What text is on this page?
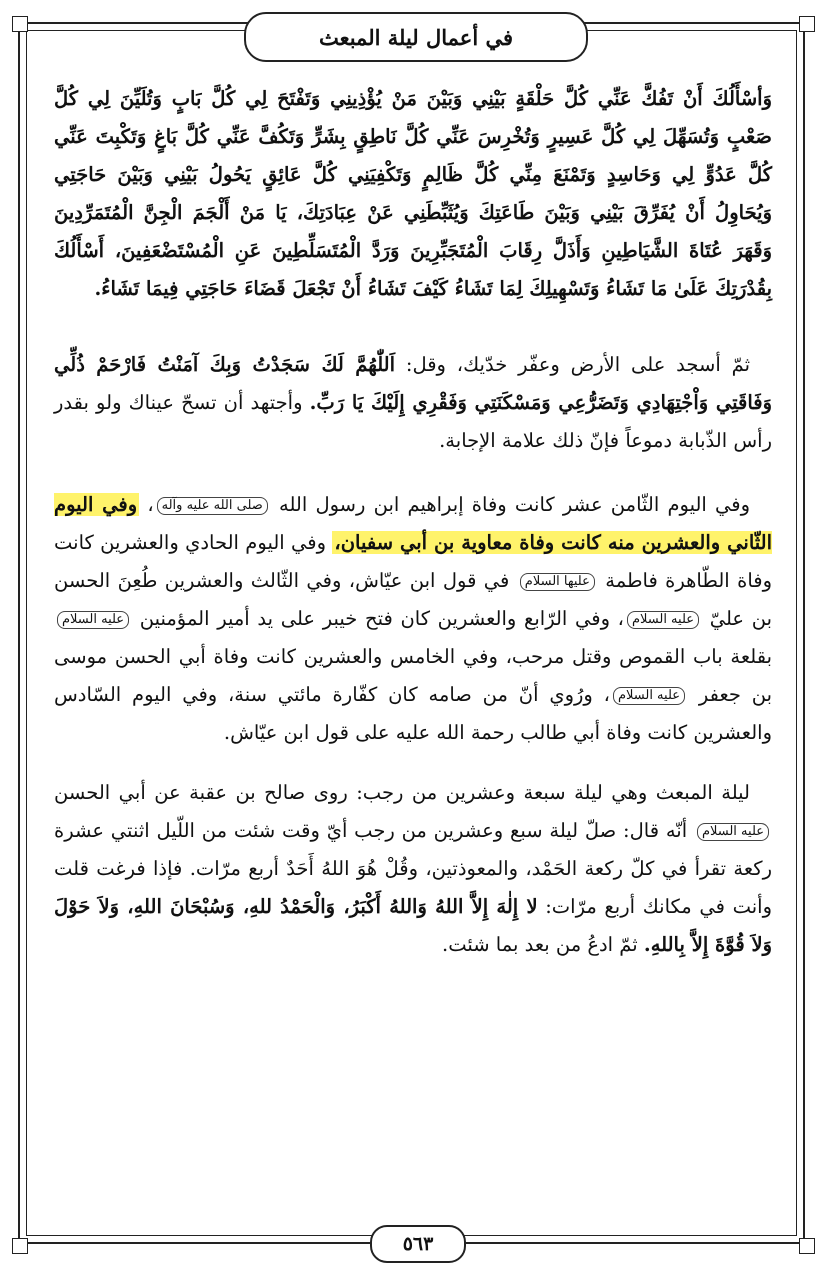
في أعمال ليلة المبعث

وَأسْأَلُكَ أَنْ تَفُكَّ عَنِّي كُلَّ حَلْقَةٍ بَيْنِي وَبَيْنَ مَنْ يُؤْذِينِي وَتَفْتَحَ لِي كُلَّ بَابٍ وَتُلَيِّنَ لِي كُلَّ صَعْبٍ وَتُسَهِّلَ لِي كُلَّ عَسِيرٍ وَتُخْرِسَ عَنِّي كُلَّ نَاطِقٍ بِشَرٍّ وَتَكُفَّ عَنِّي كُلَّ بَاغٍ وَتَكْبِتَ عَنِّي كُلَّ عَدُوٍّ لِي وَحَاسِدٍ وَتَمْنَعَ مِنِّي كُلَّ ظَالِمٍ وَتَكْفِيَنِي كُلَّ عَائِقٍ يَحُولُ بَيْنِي وَبَيْنَ حَاجَتِي وَيُحَاوِلُ أَنْ يُفَرِّقَ بَيْنِي وَبَيْنَ طَاعَتِكَ وَيُثَبِّطَنِي عَنْ عِبَادَتِكَ، يَا مَنْ أَلْجَمَ الْجِنَّ الْمُتَمَرِّدِينَ وَقَهَرَ عُتَاةَ الشَّيَاطِينِ وَأَذَلَّ رِقَابَ الْمُتَجَبِّرِينَ وَرَدَّ الْمُتَسَلِّطِينَ عَنِ الْمُسْتَضْعَفِينَ، أَسْأَلُكَ بِقُدْرَتِكَ عَلَىٰ مَا تَشَاءُ وَتَسْهِيلِكَ لِمَا تَشَاءُ كَيْفَ تَشَاءُ أَنْ تَجْعَلَ قَضَاءَ حَاجَتِي فِيمَا تَشَاءُ.

ثمّ أسجد على الأرض وعفّر خدّيك، وقل: اَللّٰهُمَّ لَكَ سَجَدْتُ وَبِكَ آمَنْتُ فَارْحَمْ ذُلِّي وَفَاقَتِي وَاْجْتِهَادِي وَتَضَرُّعِي وَمَسْكَنَتِي وَفَقْرِي إِلَيْكَ يَا رَبِّ. وأجتهد أن تسحّ عيناك ولو بقدر رأس الذّبابة دموعاً فإنّ ذلك علامة الإجابة.

وفي اليوم الثّامن عشر كانت وفاة إبراهيم ابن رسول الله صلى الله عليه وآله، وفي اليوم الثّاني والعشرين منه كانت وفاة معاوية بن أبي سفيان، وفي اليوم الحادي والعشرين كانت وفاة الطّاهرة فاطمة عليها السلام في قول ابن عيّاش، وفي الثّالث والعشرين طُعِنَ الحسن بن عليّ عليه السلام، وفي الرّابع والعشرين كان فتح خيبر على يد أمير المؤمنين عليه السلام بقلعة باب القموص وقتل مرحب، وفي الخامس والعشرين كانت وفاة أبي الحسن موسى بن جعفر عليه السلام، ورُوي أنّ من صامه كان كفّارة مائتي سنة، وفي اليوم السّادس والعشرين كانت وفاة أبي طالب رحمة الله عليه على قول ابن عيّاش.

ليلة المبعث وهي ليلة سبعة وعشرين من رجب: روى صالح بن عقبة عن أبي الحسن عليه السلام أنّه قال: صلّ ليلة سبع وعشرين من رجب أيّ وقت شئت من اللّيل اثنتي عشرة ركعة تقرأ في كلّ ركعة الحَمْد، والمعوذتين، وقُلْ هُوَ اللهُ أَحَدٌ أربع مرّات. فإذا فرغت قلت وأنت في مكانك أربع مرّات: لا إِلٰهَ إِلاَّ اللهُ وَاللهُ أَكْبَرُ، وَالْحَمْدُ للهِ، وَسُبْحَانَ اللهِ، وَلاَ حَوْلَ وَلاَ قُوَّةَ إِلاَّ بِاللهِ. ثمّ ادعُ من بعد بما شئت.

٥٦٣
